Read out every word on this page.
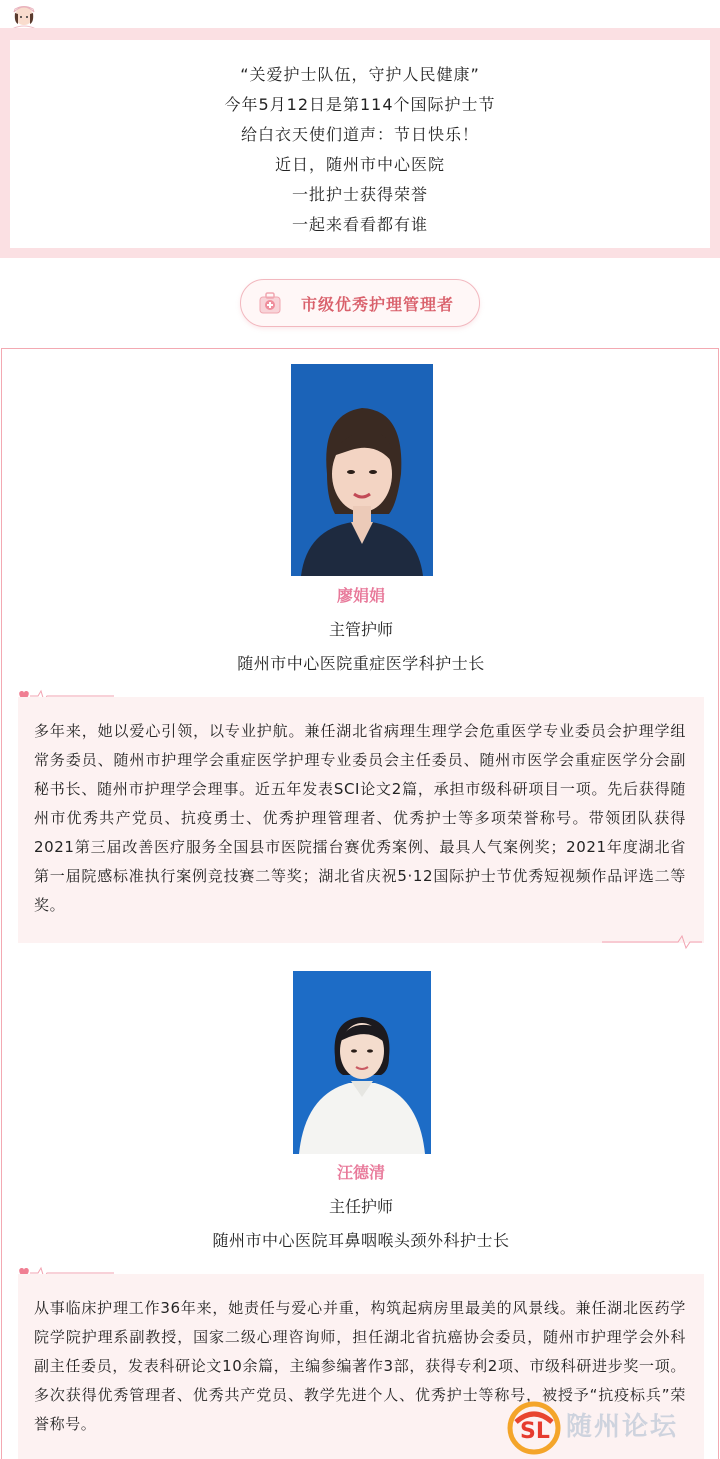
“关爱护士队伍，守护人民健康”
今年5月12日是第114个国际护士节
给白衣天使们道声：节日快乐！
近日，随州市中心医院
一批护士获得荣誉
一起来看看都有谁
市级优秀护理管理者
廖娟娟
主管护师
随州市中心医院重症医学科护士长

多年来，她以爱心引领，以专业护航。兼任湖北省病理生理学会危重医学专业委员会护理学组常务委员、随州市护理学会重症医学护理专业委员会主任委员、随州市医学会重症医学分会副秘书长、随州市护理学会理事。近五年发表SCI论文2篇，承担市级科研项目一项。先后获得随州市优秀共产党员、抗疫勇士、优秀护理管理者、优秀护士等多项荣誉称号。带领团队获得2021第三届改善医疗服务全国县市医院擂台赛优秀案例、最具人气案例奖；2021年度湖北省第一届院感标准执行案例竞技赛二等奖；湖北省庆祝5·12国际护士节优秀短视频作品评选二等奖。

汪德清
主任护师
随州市中心医院耳鼻咽喉头颈外科护士长

从事临床护理工作36年来，她责任与爱心并重，构筑起病房里最美的风景线。兼任湖北医药学院学院护理系副教授，国家二级心理咨询师，担任湖北省抗癌协会委员，随州市护理学会外科副主任委员，发表科研论文10余篇，主编参编著作3部，获得专利2项、市级科研进步奖一项。多次获得优秀管理者、优秀共产党员、教学先进个人、优秀护士等称号，被授予“抗疫标兵”荣誉称号。	SL 随州论坛
